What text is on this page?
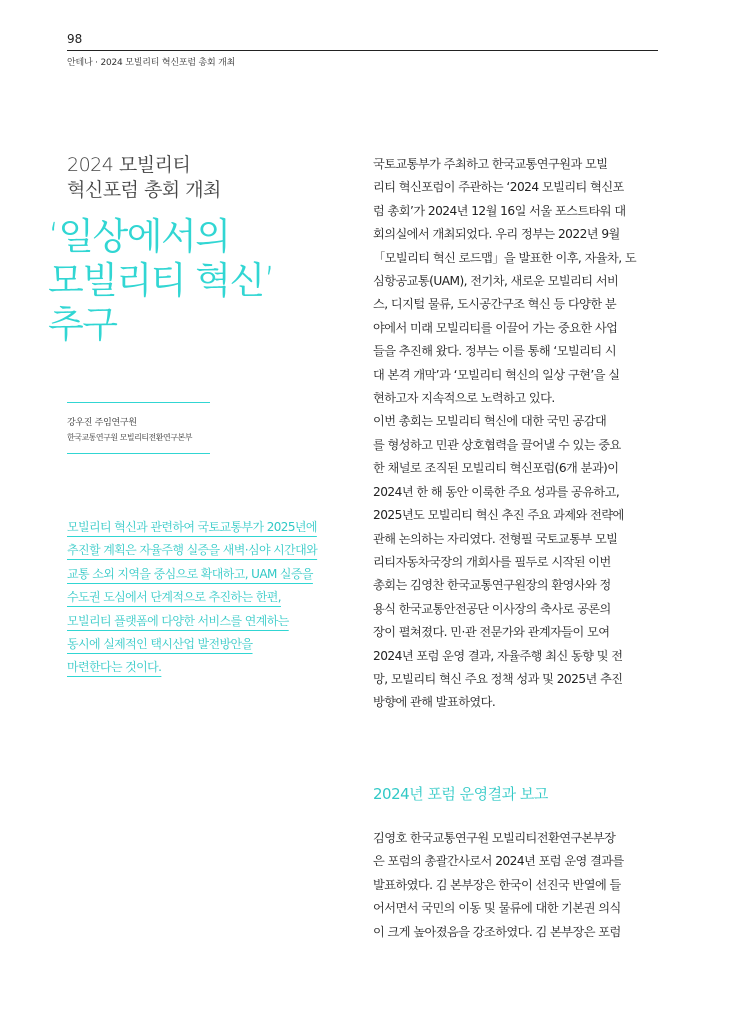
98
안테나 · 2024 모빌리티 혁신포럼 총회 개최
2024 모빌리티
혁신포럼 총회 개최
‘일상에서의
모빌리티 혁신’
추구
강우진 주임연구원
한국교통연구원 모빌리티전환연구본부
모빌리티 혁신과 관련하여 국토교통부가 2025년에
추진할 계획은 자율주행 실증을 새벽·심야 시간대와
교통 소외 지역을 중심으로 확대하고, UAM 실증을
수도권 도심에서 단계적으로 추진하는 한편,
모빌리티 플랫폼에 다양한 서비스를 연계하는
동시에 실제적인 택시산업 발전방안을
마련한다는 것이다.
국토교통부가 주최하고 한국교통연구원과 모빌
리티 혁신포럼이 주관하는 ‘2024 모빌리티 혁신포
럼 총회’가 2024년 12월 16일 서울 포스트타워 대
회의실에서 개최되었다. 우리 정부는 2022년 9월
「모빌리티 혁신 로드맵」을 발표한 이후, 자율차, 도
심항공교통(UAM), 전기차, 새로운 모빌리티 서비
스, 디지털 물류, 도시공간구조 혁신 등 다양한 분
야에서 미래 모빌리티를 이끌어 가는 중요한 사업
들을 추진해 왔다. 정부는 이를 통해 ‘모빌리티 시
대 본격 개막’과 ‘모빌리티 혁신의 일상 구현’을 실
현하고자 지속적으로 노력하고 있다.
이번 총회는 모빌리티 혁신에 대한 국민 공감대
를 형성하고 민관 상호협력을 끌어낼 수 있는 중요
한 채널로 조직된 모빌리티 혁신포럼(6개 분과)이
2024년 한 해 동안 이룩한 주요 성과를 공유하고,
2025년도 모빌리티 혁신 추진 주요 과제와 전략에
관해 논의하는 자리였다. 전형필 국토교통부 모빌
리티자동차국장의 개회사를 필두로 시작된 이번
총회는 김영찬 한국교통연구원장의 환영사와 정
용식 한국교통안전공단 이사장의 축사로 공론의
장이 펼쳐졌다. 민·관 전문가와 관계자들이 모여
2024년 포럼 운영 결과, 자율주행 최신 동향 및 전
망, 모빌리티 혁신 주요 정책 성과 및 2025년 추진
방향에 관해 발표하였다.
2024년 포럼 운영결과 보고
김영호 한국교통연구원 모빌리티전환연구본부장
은 포럼의 총괄간사로서 2024년 포럼 운영 결과를
발표하였다. 김 본부장은 한국이 선진국 반열에 들
어서면서 국민의 이동 및 물류에 대한 기본권 의식
이 크게 높아졌음을 강조하였다. 김 본부장은 포럼
